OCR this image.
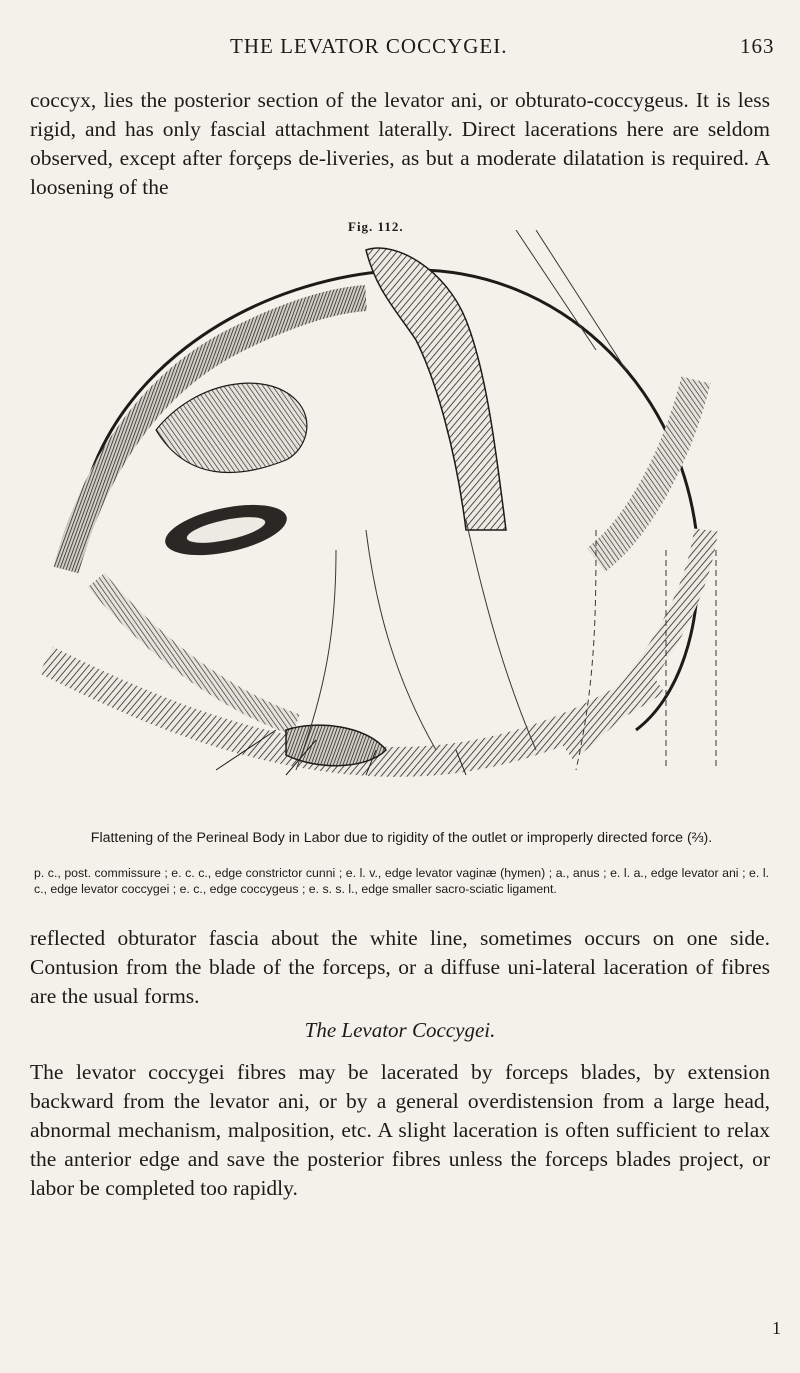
THE LEVATOR COCCYGEI.	163

coccyx, lies the posterior section of the levator ani, or obturato-coccygeus. It is less rigid, and has only fascial attachment laterally. Direct lacerations here are seldom observed, except after forçeps de-liveries, as but a moderate dilatation is required. A loosening of the

Fig. 112.
Flattening of the Perineal Body in Labor due to rigidity of the outlet or improperly directed force (⅔).
p. c., post. commissure ; e. c. c., edge constrictor cunni ; e. l. v., edge levator vaginæ (hymen) ; a., anus ; e. l. a., edge levator ani ; e. l. c., edge levator coccygei ; e. c., edge coccygeus ; e. s. s. l., edge smaller sacro-sciatic ligament.

reflected obturator fascia about the white line, sometimes occurs on one side. Contusion from the blade of the forceps, or a diffuse uni-lateral laceration of fibres are the usual forms.

The Levator Coccygei.

The levator coccygei fibres may be lacerated by forceps blades, by extension backward from the levator ani, or by a general overdistension from a large head, abnormal mechanism, malposition, etc. A slight laceration is often sufficient to relax the anterior edge and save the posterior fibres unless the forceps blades project, or labor be completed too rapidly.

1
